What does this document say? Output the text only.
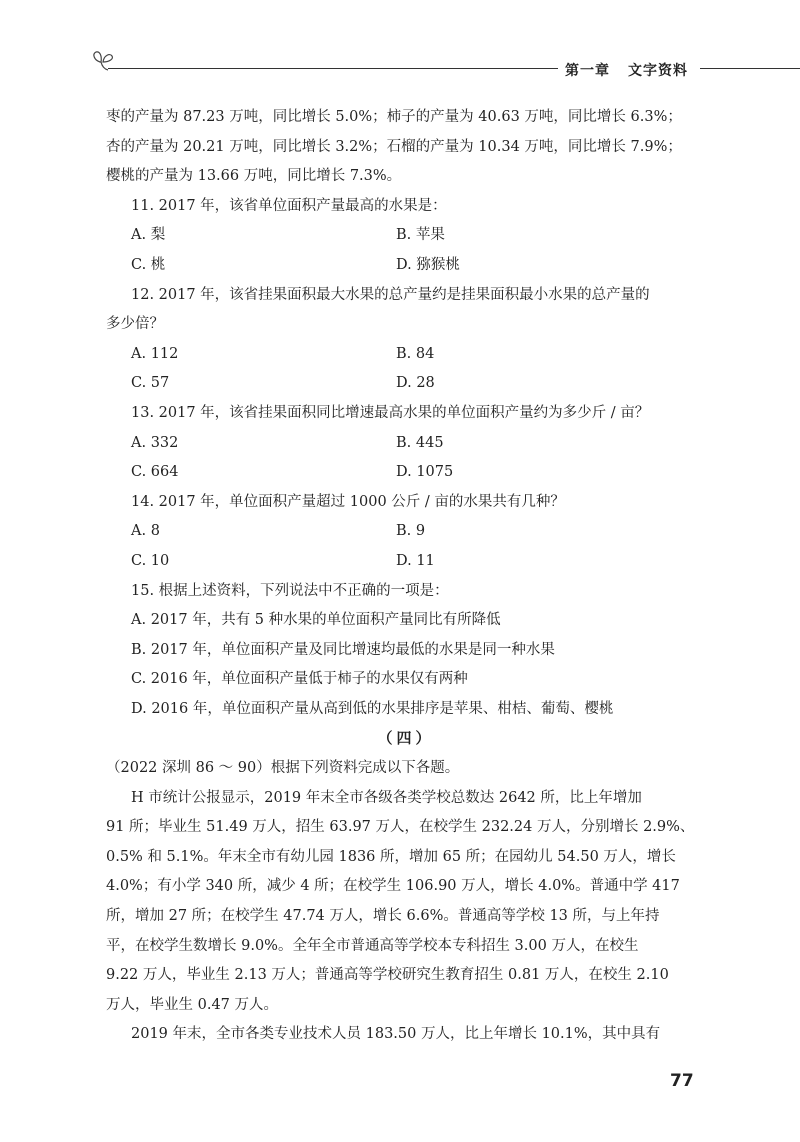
第一章 文字资料
枣的产量为 87.23 万吨，同比增长 5.0%；柿子的产量为 40.63 万吨，同比增长 6.3%；
杏的产量为 20.21 万吨，同比增长 3.2%；石榴的产量为 10.34 万吨，同比增长 7.9%；
樱桃的产量为 13.66 万吨，同比增长 7.3%。
11. 2017 年，该省单位面积产量最高的水果是：
A. 梨	B. 苹果
C. 桃	D. 猕猴桃
12. 2017 年，该省挂果面积最大水果的总产量约是挂果面积最小水果的总产量的
多少倍？
A. 112	B. 84
C. 57	D. 28
13. 2017 年，该省挂果面积同比增速最高水果的单位面积产量约为多少斤 / 亩？
A. 332	B. 445
C. 664	D. 1075
14. 2017 年，单位面积产量超过 1000 公斤 / 亩的水果共有几种？
A. 8	B. 9
C. 10	D. 11
15. 根据上述资料，下列说法中不正确的一项是：
A. 2017 年，共有 5 种水果的单位面积产量同比有所降低
B. 2017 年，单位面积产量及同比增速均最低的水果是同一种水果
C. 2016 年，单位面积产量低于柿子的水果仅有两种
D. 2016 年，单位面积产量从高到低的水果排序是苹果、柑桔、葡萄、樱桃
（四）
（2022 深圳 86 ～ 90）根据下列资料完成以下各题。
H 市统计公报显示，2019 年末全市各级各类学校总数达 2642 所，比上年增加
91 所；毕业生 51.49 万人，招生 63.97 万人，在校学生 232.24 万人，分别增长 2.9%、
0.5% 和 5.1%。年末全市有幼儿园 1836 所，增加 65 所；在园幼儿 54.50 万人，增长
4.0%；有小学 340 所，减少 4 所；在校学生 106.90 万人，增长 4.0%。普通中学 417
所，增加 27 所；在校学生 47.74 万人，增长 6.6%。普通高等学校 13 所，与上年持
平，在校学生数增长 9.0%。全年全市普通高等学校本专科招生 3.00 万人，在校生
9.22 万人，毕业生 2.13 万人；普通高等学校研究生教育招生 0.81 万人，在校生 2.10
万人，毕业生 0.47 万人。
2019 年末，全市各类专业技术人员 183.50 万人，比上年增长 10.1%，其中具有
77
